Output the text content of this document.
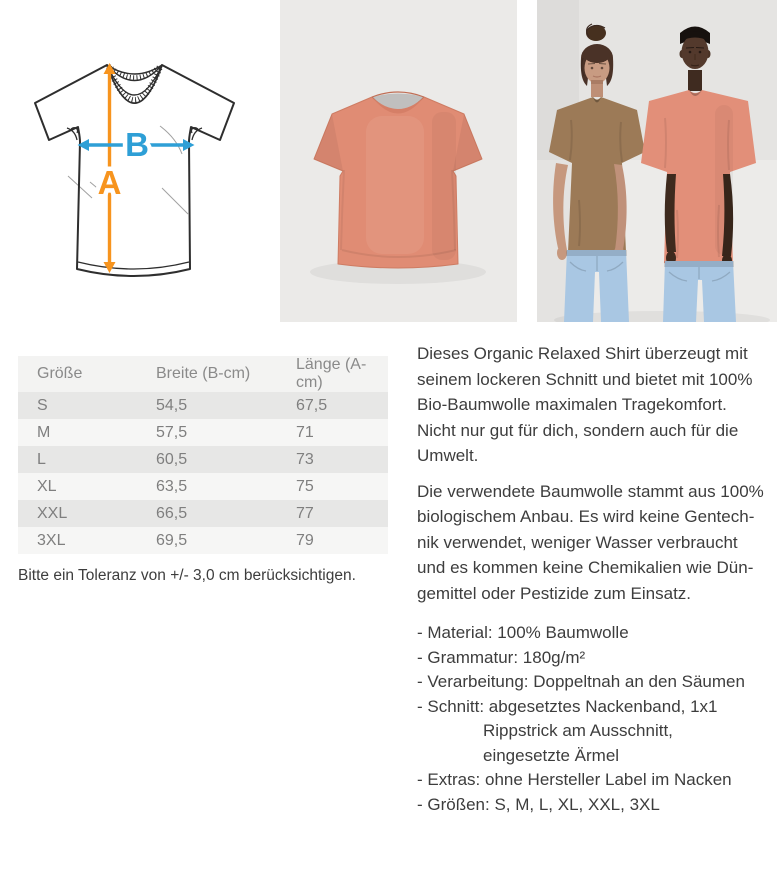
A
B
Größe	Breite (B-cm)	Länge (A-cm)
S	54,5	67,5
M	57,5	71
L	60,5	73
XL	63,5	75
XXL	66,5	77
3XL	69,5	79

Bitte ein Toleranz von +/- 3,0 cm berücksichtigen.

Dieses Organic Relaxed Shirt überzeugt mit
seinem lockeren Schnitt und bietet mit 100%
Bio-Baumwolle maximalen Tragekomfort.
Nicht nur gut für dich, sondern auch für die
Umwelt.

Die verwendete Baumwolle stammt aus 100%
biologischem Anbau. Es wird keine Gentech-
nik verwendet, weniger Wasser verbraucht
und es kommen keine Chemikalien wie Dün-
gemittel oder Pestizide zum Einsatz.

- Material: 100% Baumwolle
- Grammatur: 180g/m²
- Verarbeitung: Doppeltnah an den Säumen
- Schnitt: abgesetztes Nackenband, 1x1
Rippstrick am Ausschnitt,
eingesetzte Ärmel
- Extras: ohne Hersteller Label im Nacken
- Größen: S, M, L, XL, XXL, 3XL
